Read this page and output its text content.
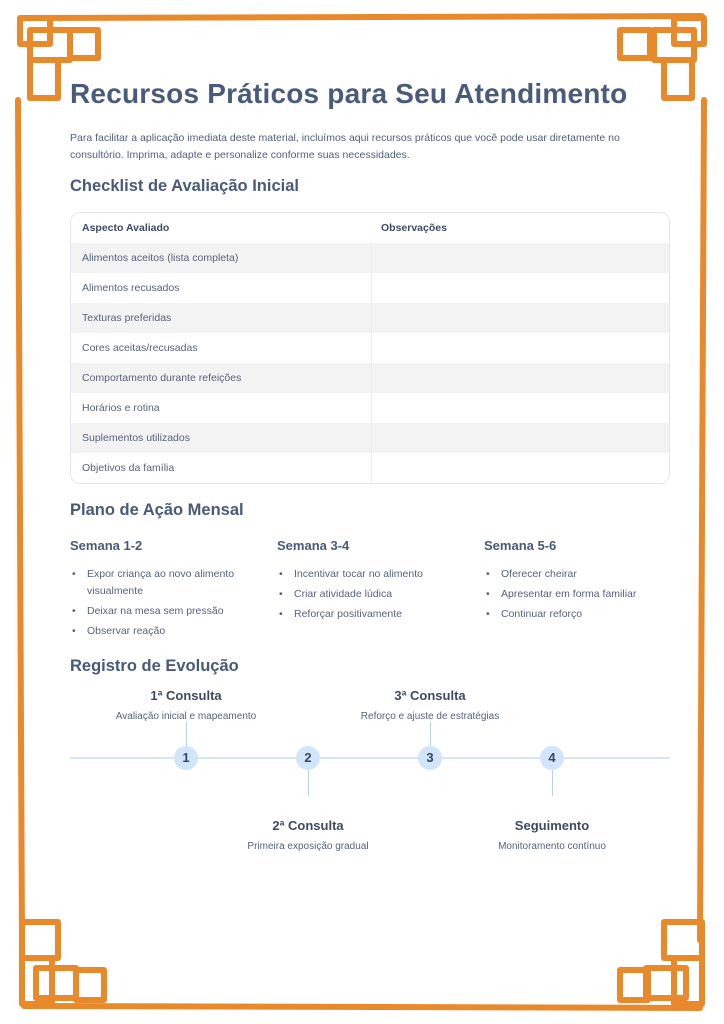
Recursos Práticos para Seu Atendimento

Para facilitar a aplicação imediata deste material, incluímos aqui recursos práticos que você pode usar diretamente no consultório. Imprima, adapte e personalize conforme suas necessidades.

Checklist de Avaliação Inicial
Aspecto Avaliado	Observações
Alimentos aceitos (lista completa)
Alimentos recusados
Texturas preferidas
Cores aceitas/recusadas
Comportamento durante refeições
Horários e rotina
Suplementos utilizados
Objetivos da família
Plano de Ação Mensal
Semana 1-2
• Expor criança ao novo alimento visualmente
• Deixar na mesa sem pressão
• Observar reação
Semana 3-4
• Incentivar tocar no alimento
• Criar atividade lúdica
• Reforçar positivamente
Semana 5-6
• Oferecer cheirar
• Apresentar em forma familiar
• Continuar reforço
Registro de Evolução
1ª Consulta
Avaliação inicial e mapeamento
1	2
2ª Consulta
Primeira exposição gradual
3ª Consulta
Reforço e ajuste de estratégias
3	4
Seguimento
Monitoramento contínuo
